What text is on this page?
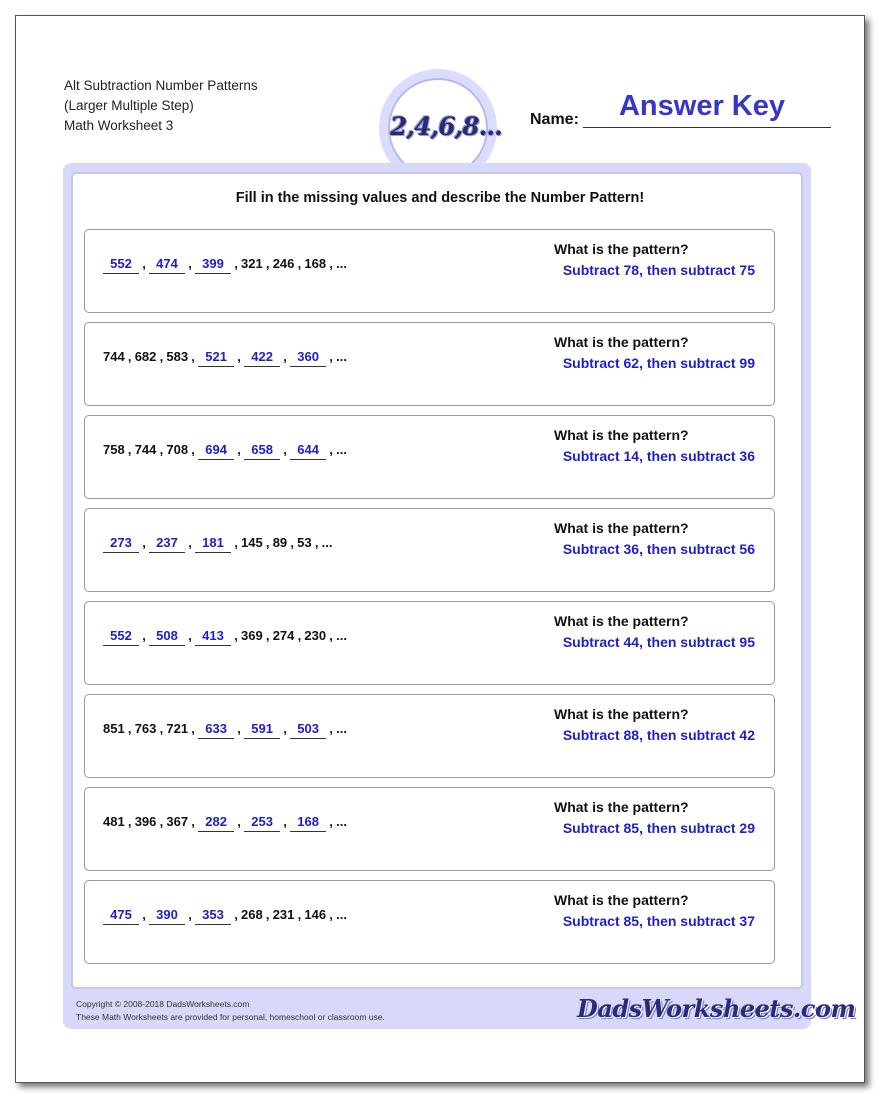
Alt Subtraction Number Patterns
(Larger Multiple Step)
Math Worksheet 3	2,4,6,8... Name:	Answer Key
Fill in the missing values and describe the Number Pattern!
552 , 474 , 399 , 321 , 246 , 168 , ...
What is the pattern?
Subtract 78, then subtract 75
744 , 682 , 583 , 521 , 422 , 360 , ...
What is the pattern?
Subtract 62, then subtract 99
758 , 744 , 708 , 694 , 658 , 644 , ...
What is the pattern?
Subtract 14, then subtract 36
273 , 237 , 181 , 145 , 89 , 53 , ...
What is the pattern?
Subtract 36, then subtract 56
552 , 508 , 413 , 369 , 274 , 230 , ...
What is the pattern?
Subtract 44, then subtract 95
851 , 763 , 721 , 633 , 591 , 503 , ...
What is the pattern?
Subtract 88, then subtract 42
481 , 396 , 367 , 282 , 253 , 168 , ...
What is the pattern?
Subtract 85, then subtract 29
475 , 390 , 353 , 268 , 231 , 146 , ...
What is the pattern?
Subtract 85, then subtract 37
Copyright © 2008-2018 DadsWorksheets.com
These Math Worksheets are provided for personal, homeschool or classroom use.	DadsWorksheets.com
